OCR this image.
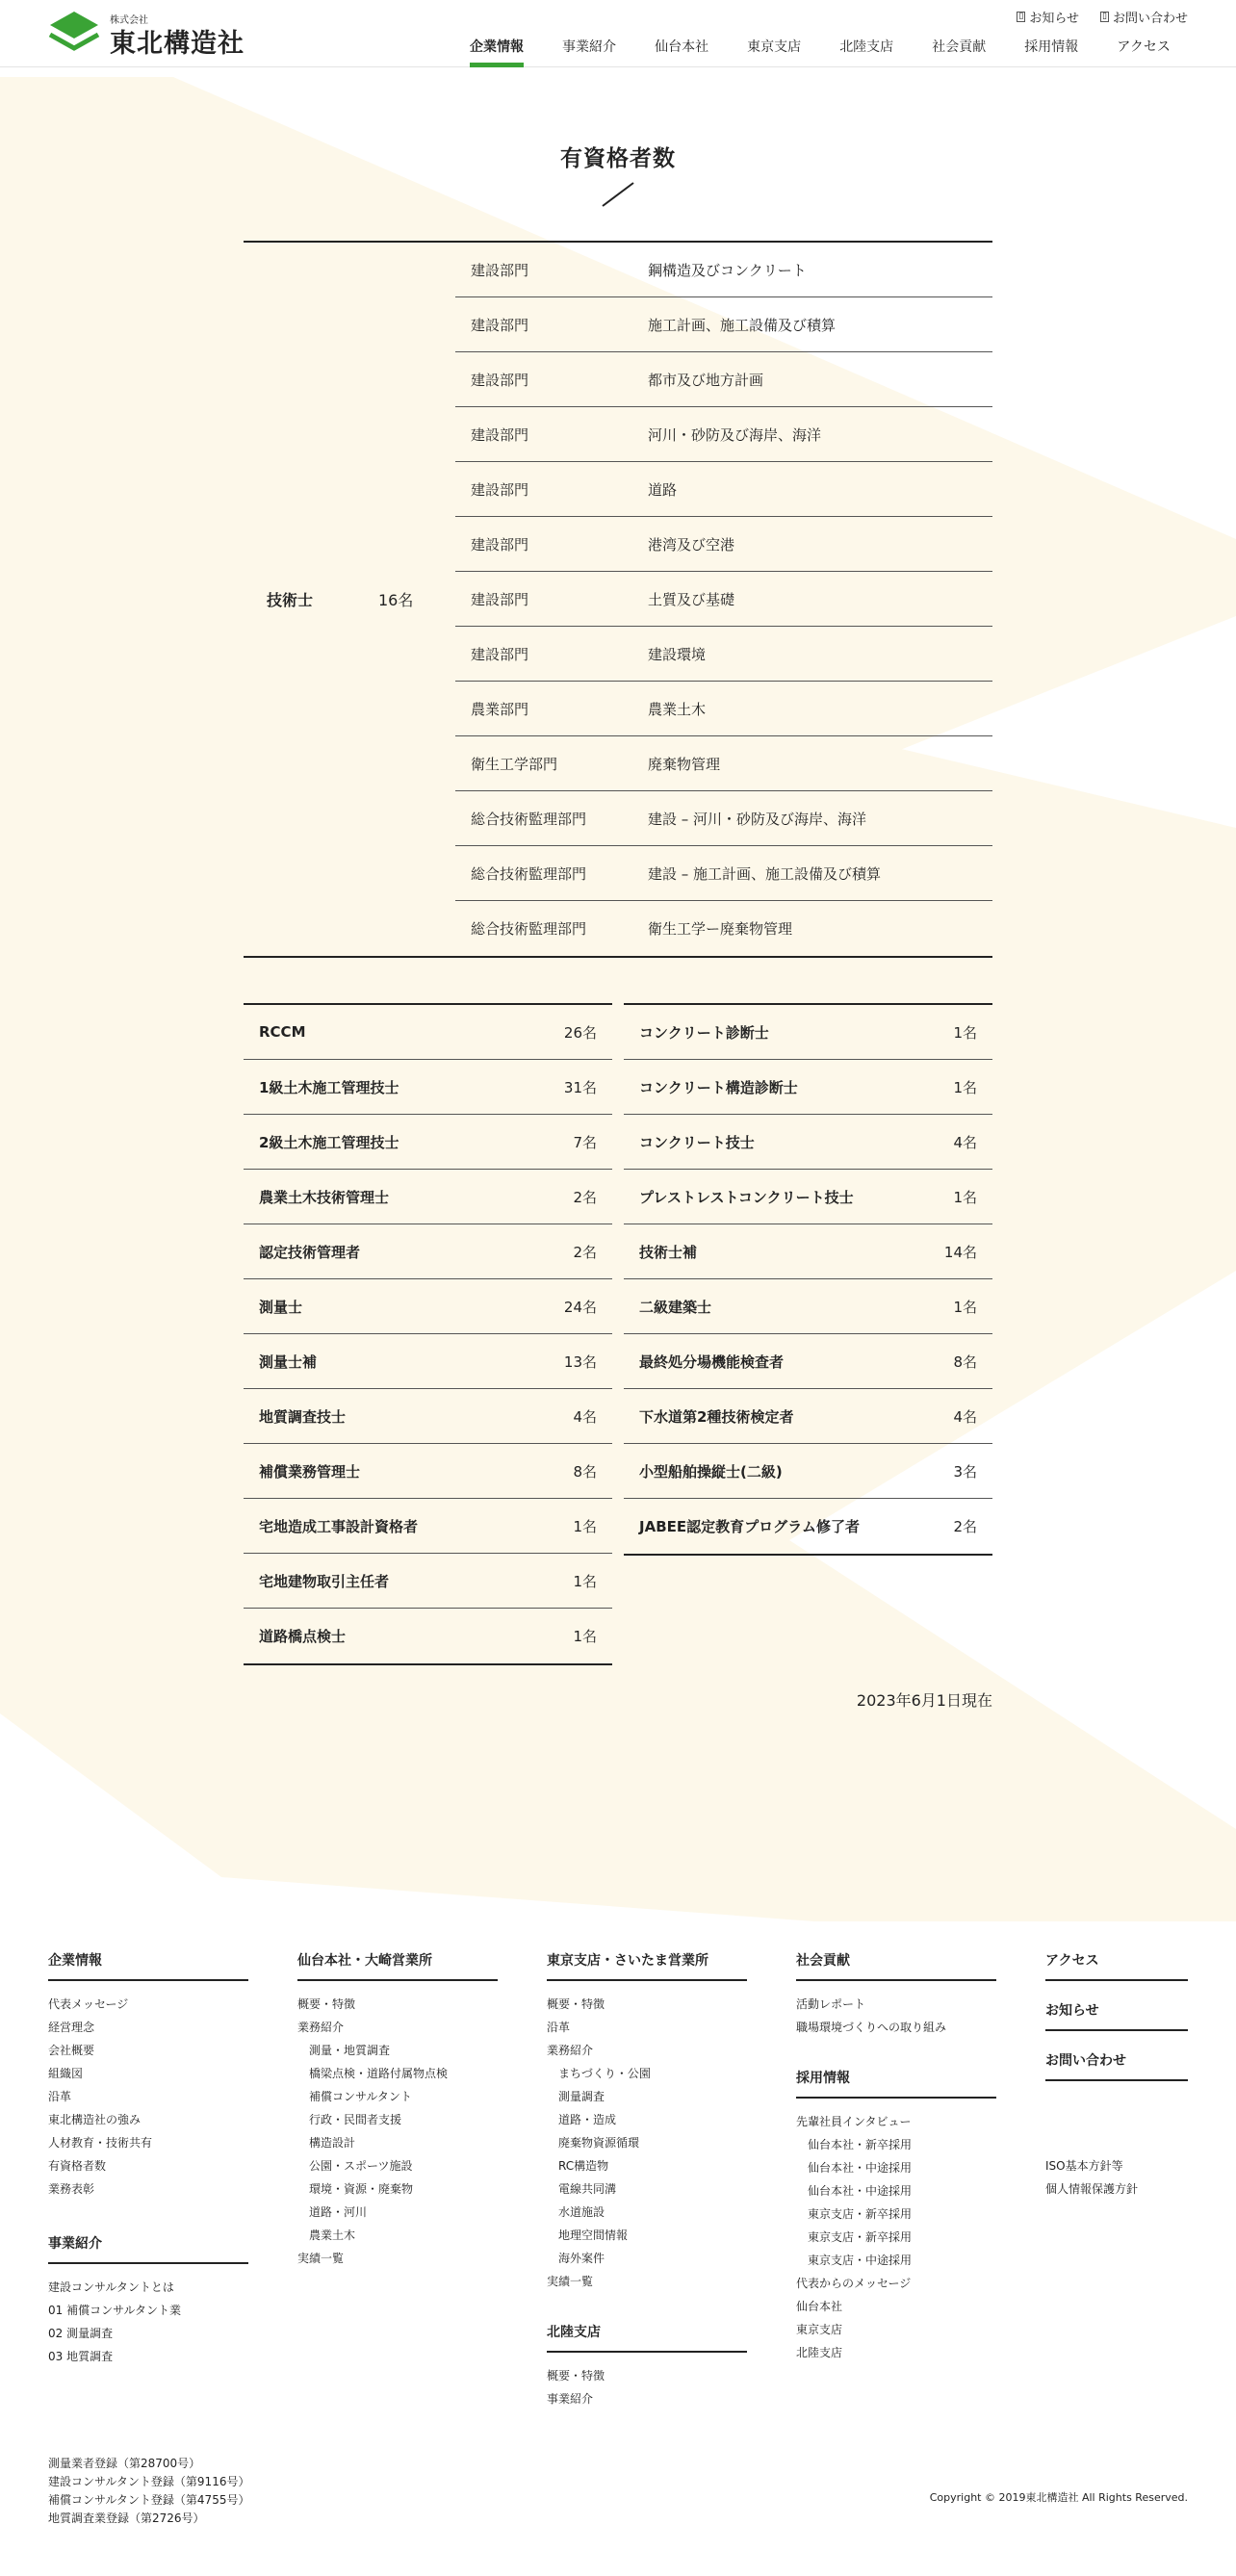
株式会社
東北構造社
▯ お知らせ	▯ お問い合わせ
企業情報	事業紹介	仙台本社	東京支店	北陸支店	社会貢献	採用情報	アクセス
有資格者数
技術士	16名
建設部門	鋼構造及びコンクリート
建設部門	施工計画、施工設備及び積算
建設部門	都市及び地方計画
建設部門	河川・砂防及び海岸、海洋
建設部門	道路
建設部門	港湾及び空港
建設部門	土質及び基礎
建設部門	建設環境
農業部門	農業土木
衛生工学部門	廃棄物管理
総合技術監理部門	建設 – 河川・砂防及び海岸、海洋
総合技術監理部門	建設 – 施工計画、施工設備及び積算
総合技術監理部門	衛生工学ー廃棄物管理
RCCM	26名
1級土木施工管理技士	31名
2級土木施工管理技士	7名
農業土木技術管理士	2名
認定技術管理者	2名
測量士	24名
測量士補	13名
地質調査技士	4名
補償業務管理士	8名
宅地造成工事設計資格者	1名
宅地建物取引主任者	1名
道路橋点検士	1名
コンクリート診断士	1名
コンクリート構造診断士	1名
コンクリート技士	4名
プレストレストコンクリート技士	1名
技術士補	14名
二級建築士	1名
最終処分場機能検査者	8名
下水道第2種技術検定者	4名
小型船舶操縦士(二級)	3名
JABEE認定教育プログラム修了者	2名
2023年6月1日現在
企業情報
代表メッセージ
経営理念
会社概要
組織図
沿革
東北構造社の強み
人材教育・技術共有
有資格者数
業務表彰
事業紹介
建設コンサルタントとは
01 補償コンサルタント業
02 測量調査
03 地質調査
仙台本社・大崎営業所
概要・特徴
業務紹介
測量・地質調査
橋梁点検・道路付属物点検
補償コンサルタント
行政・民間者支援
構造設計
公園・スポーツ施設
環境・資源・廃棄物
道路・河川
農業土木
実績一覧
東京支店・さいたま営業所
概要・特徴
沿革
業務紹介
まちづくり・公園
測量調査
道路・造成
廃棄物資源循環
RC構造物
電線共同溝
水道施設
地理空間情報
海外案件
実績一覧
北陸支店
概要・特徴
事業紹介
社会貢献
活動レポート
職場環境づくりへの取り組み
採用情報
先輩社員インタビュー
仙台本社・新卒採用
仙台本社・中途採用
仙台本社・中途採用
東京支店・新卒採用
東京支店・新卒採用
東京支店・中途採用
代表からのメッセージ
仙台本社
東京支店
北陸支店
アクセス
お知らせ
お問い合わせ
ISO基本方針等
個人情報保護方針
測量業者登録（第28700号）
建設コンサルタント登録（第9116号）
補償コンサルタント登録（第4755号）
地質調査業登録（第2726号）
Copyright © 2019東北構造社 All Rights Reserved.
